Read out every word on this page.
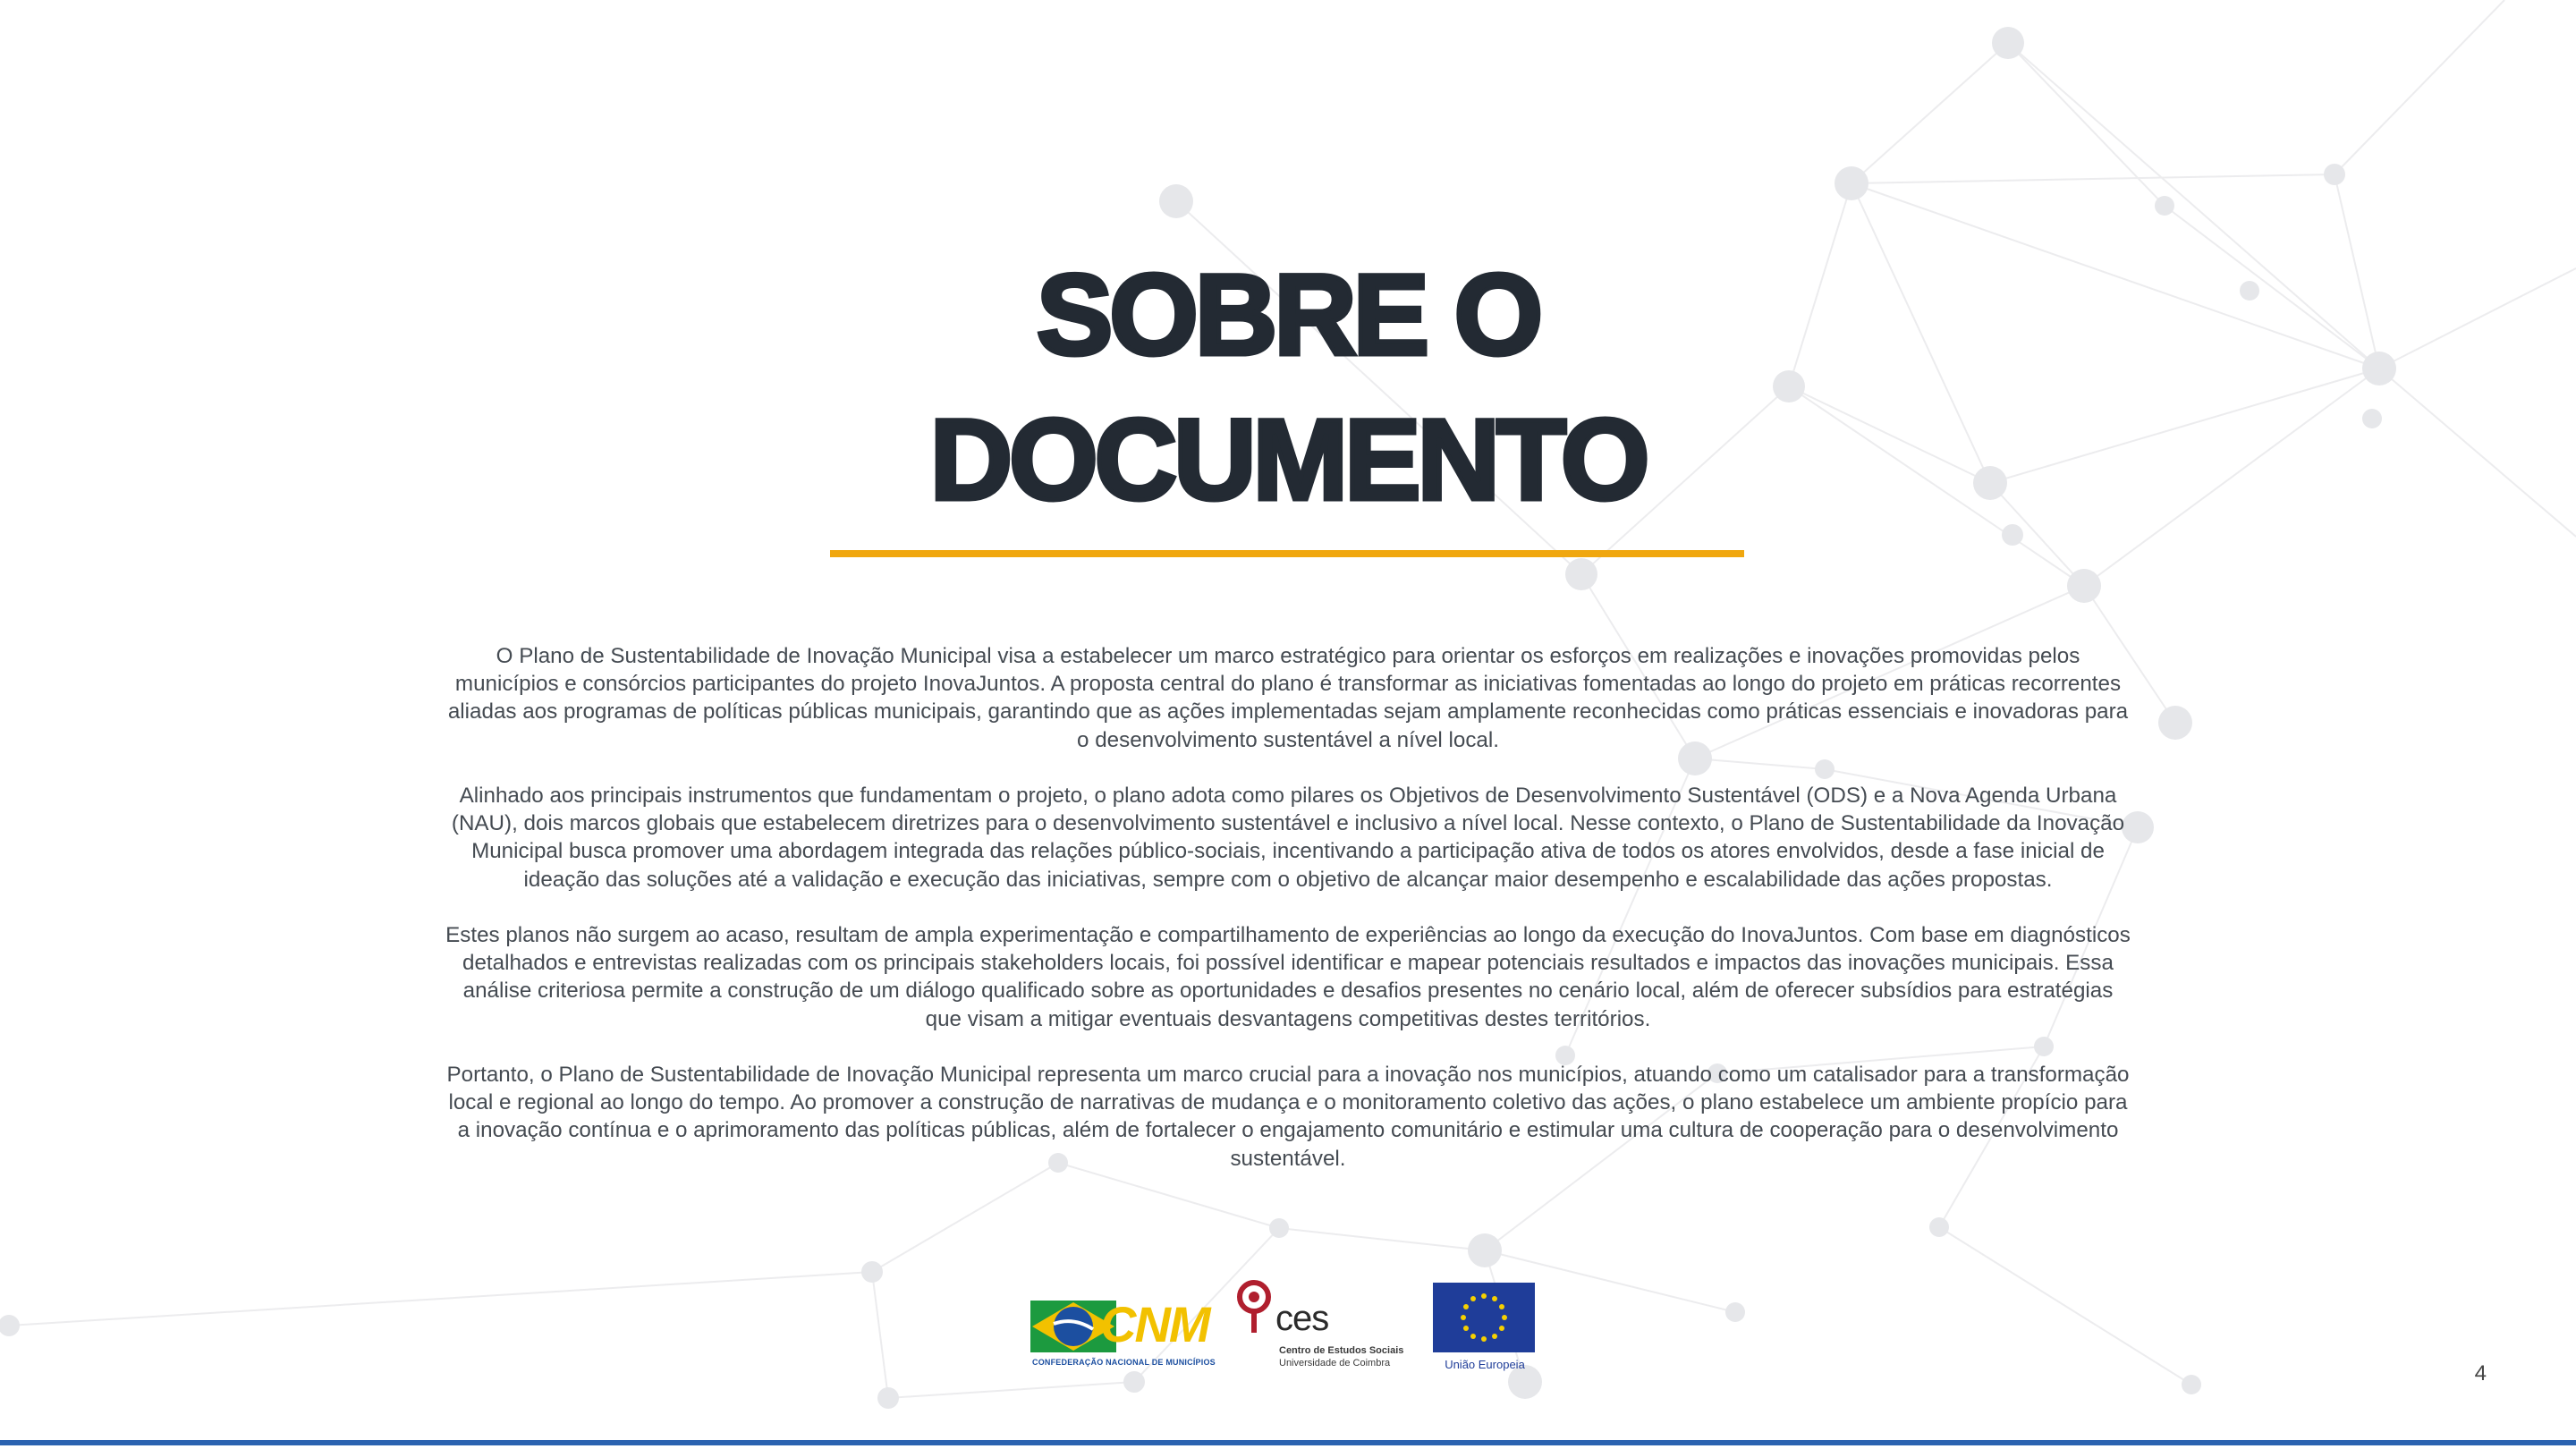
SOBRE O
DOCUMENTO

O Plano de Sustentabilidade de Inovação Municipal visa a estabelecer um marco estratégico para orientar os esforços em realizações e inovações promovidas pelos municípios e consórcios participantes do projeto InovaJuntos. A proposta central do plano é transformar as iniciativas fomentadas ao longo do projeto em práticas recorrentes aliadas aos programas de políticas públicas municipais, garantindo que as ações implementadas sejam amplamente reconhecidas como práticas essenciais e inovadoras para o desenvolvimento sustentável a nível local.

Alinhado aos principais instrumentos que fundamentam o projeto, o plano adota como pilares os Objetivos de Desenvolvimento Sustentável (ODS) e a Nova Agenda Urbana (NAU), dois marcos globais que estabelecem diretrizes para o desenvolvimento sustentável e inclusivo a nível local. Nesse contexto, o Plano de Sustentabilidade da Inovação Municipal busca promover uma abordagem integrada das relações público-sociais, incentivando a participação ativa de todos os atores envolvidos, desde a fase inicial de ideação das soluções até a validação e execução das iniciativas, sempre com o objetivo de alcançar maior desempenho e escalabilidade das ações propostas.

Estes planos não surgem ao acaso, resultam de ampla experimentação e compartilhamento de experiências ao longo da execução do InovaJuntos. Com base em diagnósticos detalhados e entrevistas realizadas com os principais stakeholders locais, foi possível identificar e mapear potenciais resultados e impactos das inovações municipais. Essa análise criteriosa permite a construção de um diálogo qualificado sobre as oportunidades e desafios presentes no cenário local, além de oferecer subsídios para estratégias que visam a mitigar eventuais desvantagens competitivas destes territórios.

Portanto, o Plano de Sustentabilidade de Inovação Municipal representa um marco crucial para a inovação nos municípios, atuando como um catalisador para a transformação local e regional ao longo do tempo. Ao promover a construção de narrativas de mudança e o monitoramento coletivo das ações, o plano estabelece um ambiente propício para a inovação contínua e o aprimoramento das políticas públicas, além de fortalecer o engajamento comunitário e estimular uma cultura de cooperação para o desenvolvimento sustentável.

CNM
CONFEDERAÇÃO NACIONAL DE MUNICÍPIOS
ces
Centro de Estudos Sociais
Universidade de Coimbra	União Europeia	4
